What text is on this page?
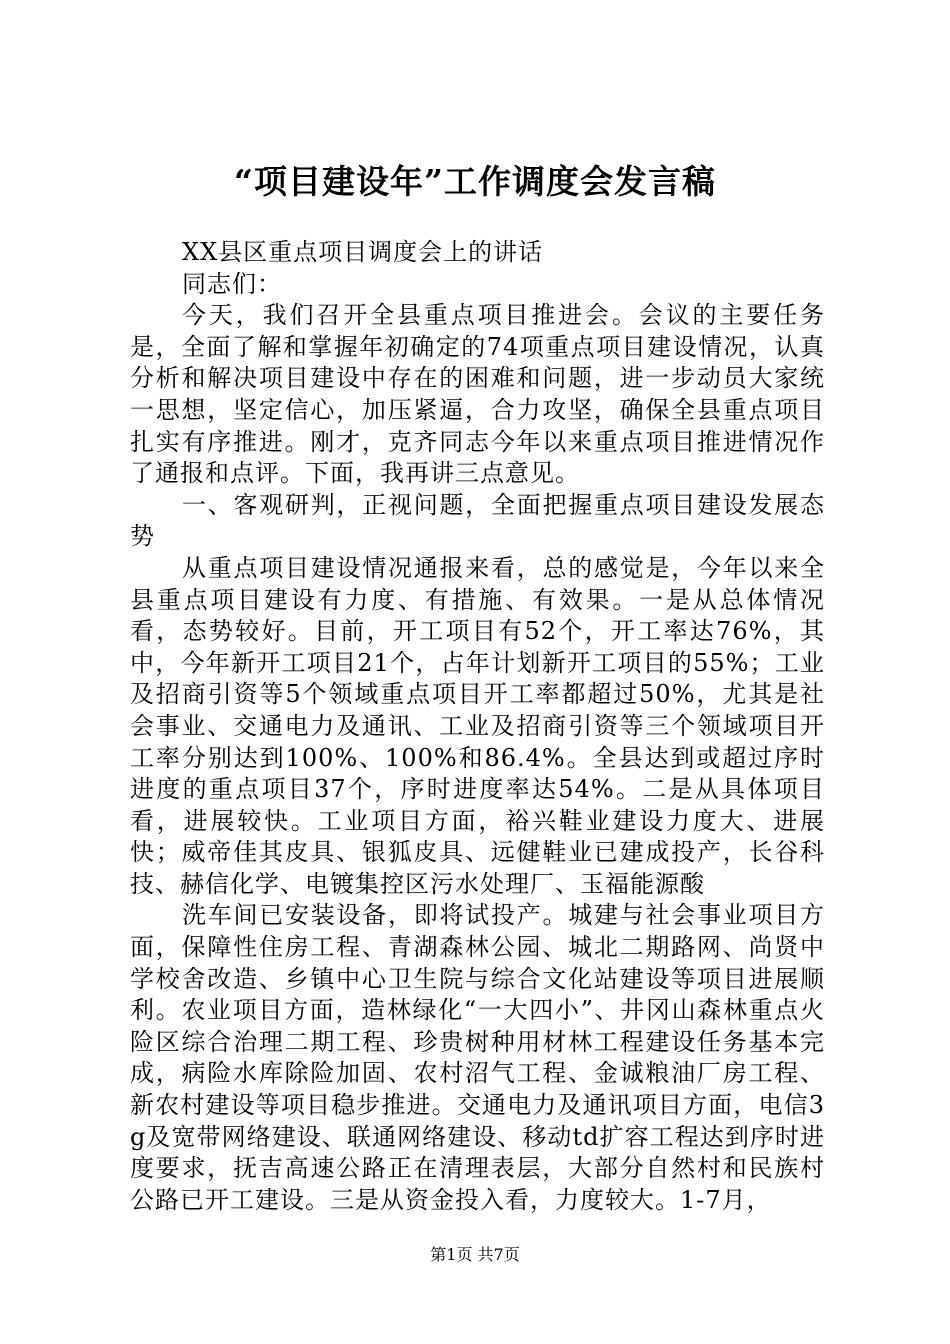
“项目建设年”工作调度会发言稿

XX县区重点项目调度会上的讲话

同志们：

今天，我们召开全县重点项目推进会。会议的主要任务是，全面了解和掌握年初确定的74项重点项目建设情况，认真分析和解决项目建设中存在的困难和问题，进一步动员大家统一思想，坚定信心，加压紧逼，合力攻坚，确保全县重点项目扎实有序推进。刚才，克齐同志今年以来重点项目推进情况作了通报和点评。下面，我再讲三点意见。

一、客观研判，正视问题，全面把握重点项目建设发展态势

从重点项目建设情况通报来看，总的感觉是，今年以来全县重点项目建设有力度、有措施、有效果。一是从总体情况看，态势较好。目前，开工项目有52个，开工率达76%，其中，今年新开工项目21个，占年计划新开工项目的55%；工业及招商引资等5个领域重点项目开工率都超过50%，尤其是社会事业、交通电力及通讯、工业及招商引资等三个领域项目开工率分别达到100%、100%和86.4%。全县达到或超过序时进度的重点项目37个，序时进度率达54%。二是从具体项目看，进展较快。工业项目方面，裕兴鞋业建设力度大、进展快；威帝佳其皮具、银狐皮具、远健鞋业已建成投产，长谷科技、赫信化学、电镀集控区污水处理厂、玉福能源酸

洗车间已安装设备，即将试投产。城建与社会事业项目方面，保障性住房工程、青湖森林公园、城北二期路网、尚贤中学校舍改造、乡镇中心卫生院与综合文化站建设等项目进展顺利。农业项目方面，造林绿化“一大四小”、井冈山森林重点火险区综合治理二期工程、珍贵树种用材林工程建设任务基本完成，病险水库除险加固、农村沼气工程、金诚粮油厂房工程、新农村建设等项目稳步推进。交通电力及通讯项目方面，电信3g及宽带网络建设、联通网络建设、移动td扩容工程达到序时进度要求，抚吉高速公路正在清理表层，大部分自然村和民族村公路已开工建设。三是从资金投入看，力度较大。1-7月，

第1页 共7页
